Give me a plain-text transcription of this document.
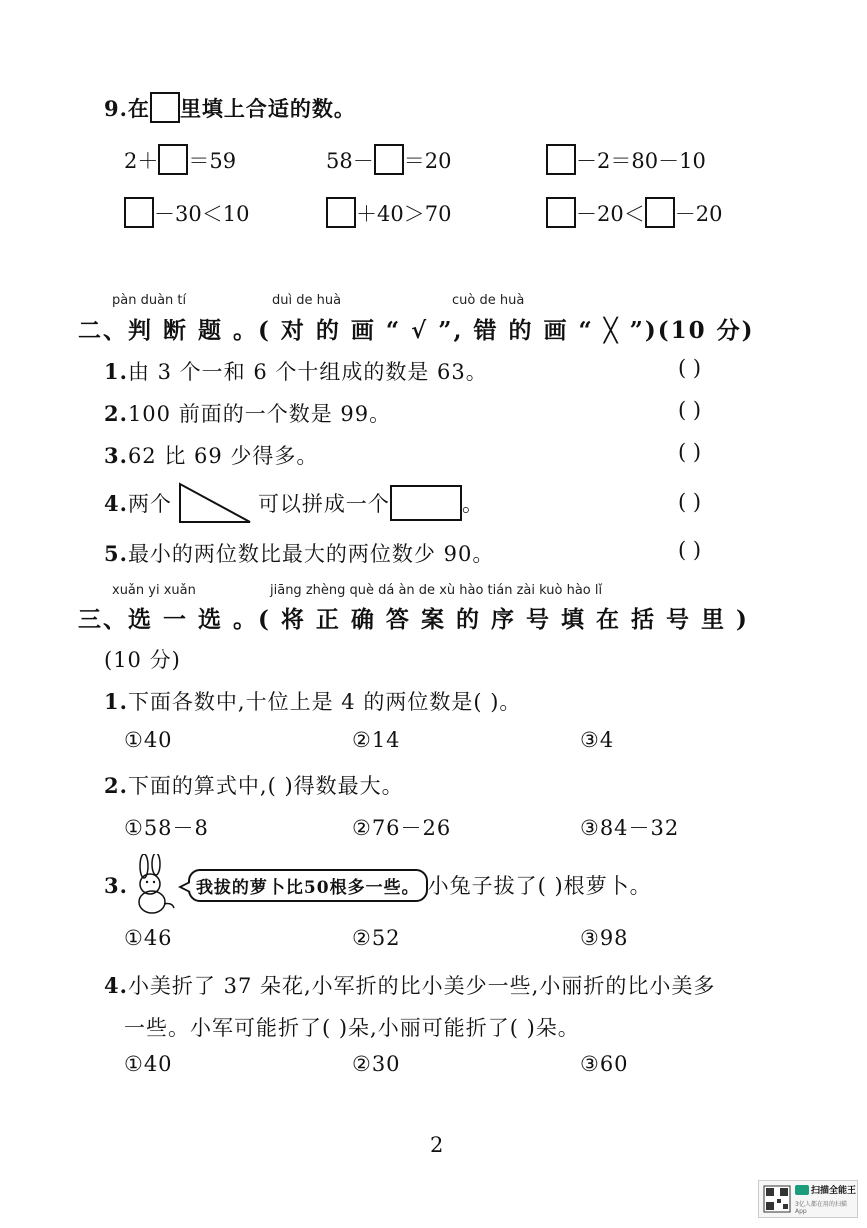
9.在 里填上合适的数。
2＋ ＝59	58－ ＝20	－2＝80－10
－30＜10	＋40＞70	－20＜ －20
pàn duàn tí	duì de huà	cuò de huà
二、判 断 题 。( 对 的 画 “ √ ”, 错 的 画 “ ╳ ”)(10 分)
1.由 3 个一和 6 个十组成的数是 63。	( )
2.100 前面的一个数是 99。	( )
3.62 比 69 少得多。	( )
4. 两个	可以拼成一个	。	( )
5.最小的两位数比最大的两位数少 90。	( )
xuǎn yi xuǎn	jiāng zhèng què dá àn de xù hào tián zài kuò hào lǐ
三、选 一 选 。( 将 正 确 答 案 的 序 号 填 在 括 号 里 )
(10 分)
1.下面各数中,十位上是 4 的两位数是( )。
①40	②14	③4
2.下面的算式中,( )得数最大。
①58－8	②76－26	③84－32
3.	我拔的萝卜比50根多一些。 小兔子拔了( )根萝卜。
①46	②52	③98
4.小美折了 37 朵花,小军折的比小美少一些,小丽折的比小美多
一些。小军可能折了( )朵,小丽可能折了( )朵。
①40	②30	③60
2
扫描全能王
3亿人都在用的扫描App
